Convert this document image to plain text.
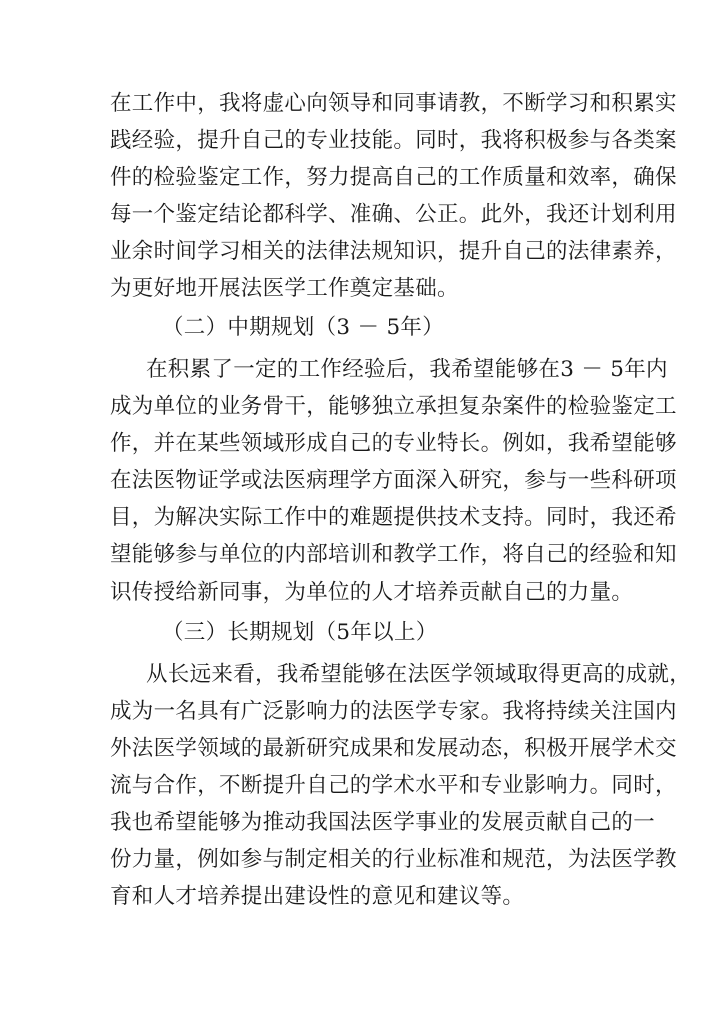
在工作中，我将虚心向领导和同事请教，不断学习和积累实
践经验，提升自己的专业技能。同时，我将积极参与各类案
件的检验鉴定工作，努力提高自己的工作质量和效率，确保
每一个鉴定结论都科学、准确、公正。此外，我还计划利用
业余时间学习相关的法律法规知识，提升自己的法律素养，
为更好地开展法医学工作奠定基础。
（二）中期规划（3 － 5年）
在积累了一定的工作经验后，我希望能够在3 － 5年内
成为单位的业务骨干，能够独立承担复杂案件的检验鉴定工
作，并在某些领域形成自己的专业特长。例如，我希望能够
在法医物证学或法医病理学方面深入研究，参与一些科研项
目，为解决实际工作中的难题提供技术支持。同时，我还希
望能够参与单位的内部培训和教学工作，将自己的经验和知
识传授给新同事，为单位的人才培养贡献自己的力量。
（三）长期规划（5年以上）
从长远来看，我希望能够在法医学领域取得更高的成就，
成为一名具有广泛影响力的法医学专家。我将持续关注国内
外法医学领域的最新研究成果和发展动态，积极开展学术交
流与合作，不断提升自己的学术水平和专业影响力。同时，
我也希望能够为推动我国法医学事业的发展贡献自己的一
份力量，例如参与制定相关的行业标准和规范，为法医学教
育和人才培养提出建设性的意见和建议等。
